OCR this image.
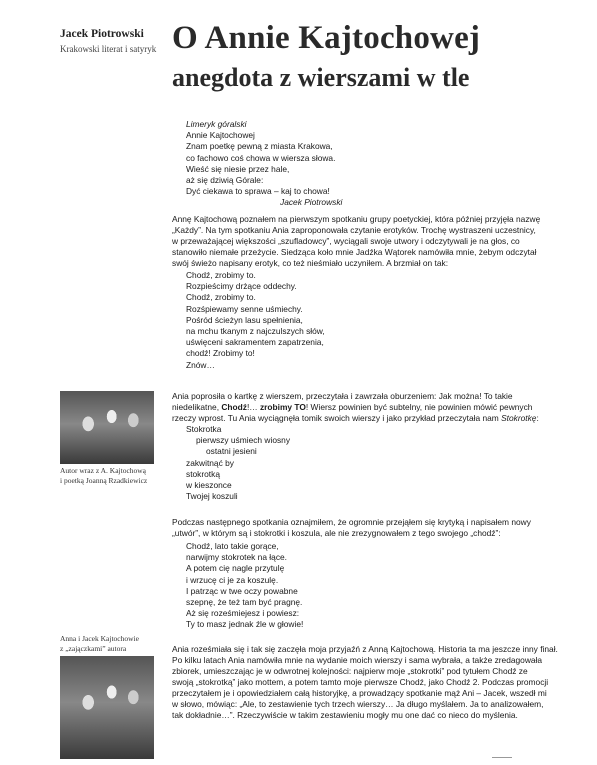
Jacek Piotrowski
Krakowski literat i satyryk O Annie Kajtochowej
anegdota z wierszami w tle
Autor wraz z A. Kajtochową
i poetką Joanną Rzadkiewicz
Anna i Jacek Kajtochowie
z „zajączkami” autora
Limeryk góralski
Annie Kajtochowej
Znam poetkę pewną z miasta Krakowa,
co fachowo coś chowa w wiersza słowa.
Wieść się niesie przez hale,
aż się dziwią Górale:
Dyć ciekawa to sprawa – kaj to chowa!
Jacek Piotrowski
Annę Kajtochową poznałem na pierwszym spotkaniu grupy poetyckiej, która później przyjęła nazwę
„Każdy”. Na tym spotkaniu Ania zaproponowała czytanie erotyków. Trochę wystraszeni uczestnicy,
w przeważającej większości „szufladowcy”, wyciągali swoje utwory i odczytywali je na głos, co
stanowiło niemałe przeżycie. Siedząca koło mnie Jadźka Wątorek namówiła mnie, żebym odczytał
swój świeżo napisany erotyk, co też nieśmiało uczyniłem. A brzmiał on tak:
Chodź, zrobimy to.
Rozpieścimy drżące oddechy.
Chodź, zrobimy to.
Rozśpiewamy senne uśmiechy.
Pośród ścieżyn lasu spełnienia,
na mchu tkanym z najczulszych słów,
uświęceni sakramentem zapatrzenia,
chodź! Zrobimy to!
Znów…
Ania poprosiła o kartkę z wierszem, przeczytała i zawrzała oburzeniem: Jak można! To takie
niedelikatne, Chodź!… zrobimy TO! Wiersz powinien być subtelny, nie powinien mówić pewnych
rzeczy wprost. Tu Ania wyciągnęła tomik swoich wierszy i jako przykład przeczytała nam Stokrotkę:
Stokrotka
pierwszy uśmiech wiosny
ostatni jesieni
zakwitnąć by
stokrotką
w kieszonce
Twojej koszuli
Podczas następnego spotkania oznajmiłem, że ogromnie przejąłem się krytyką i napisałem nowy
„utwór”, w którym są i stokrotki i koszula, ale nie zrezygnowałem z tego swojego „chodź”:
Chodź, lato takie gorące,
narwijmy stokrotek na łące.
A potem cię nagle przytulę
i wrzucę ci je za koszulę.
I patrząc w twe oczy powabne
szepnę, że też tam być pragnę.
Aż się roześmiejesz i powiesz:
Ty to masz jednak źle w głowie!
Ania roześmiała się i tak się zaczęła moja przyjaźń z Anną Kajtochową. Historia ta ma jeszcze inny finał.
Po kilku latach Ania namówiła mnie na wydanie moich wierszy i sama wybrała, a także zredagowała
zbiorek, umieszczając je w odwrotnej kolejności: najpierw moje „stokrotki” pod tytułem Chodź ze
swoją „stokrotką” jako mottem, a potem tamto moje pierwsze Chodź, jako Chodź 2. Podczas promocji
przeczytałem je i opowiedziałem całą historyjkę, a prowadzący spotkanie mąż Ani – Jacek, wszedł mi
w słowo, mówiąc: „Ale, to zestawienie tych trzech wierszy… Ja długo myślałem. Ja to analizowałem,
tak dokładnie…”. Rzeczywiście w takim zestawieniu mogły mu one dać co nieco do myślenia.
